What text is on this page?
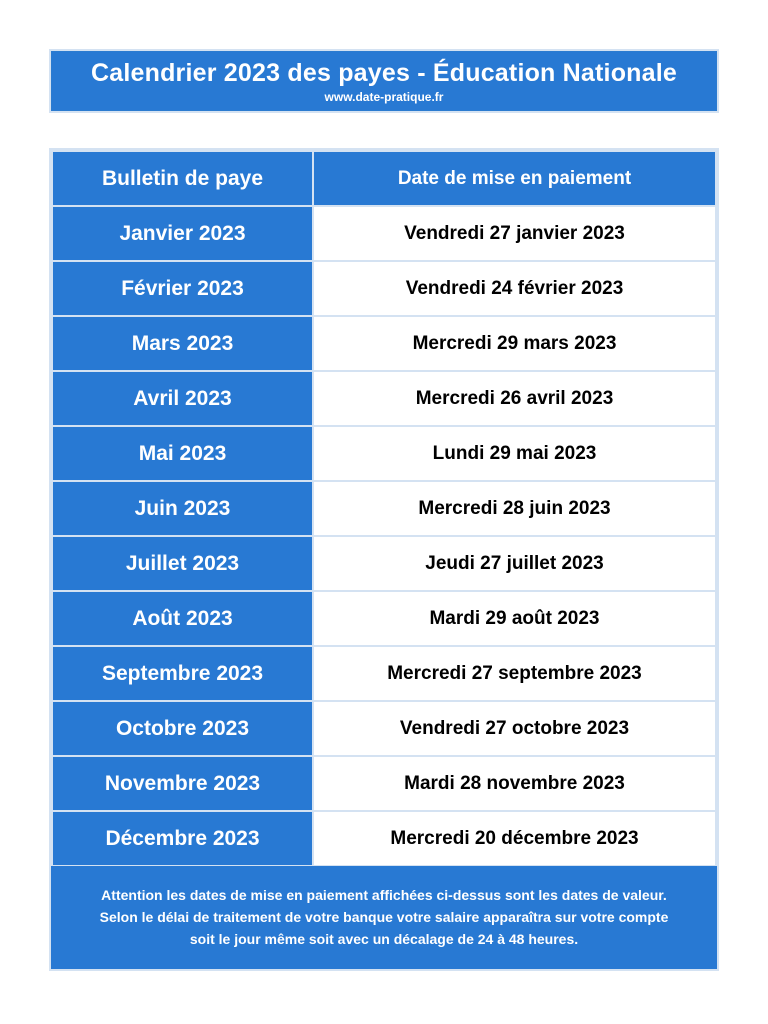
Calendrier 2023 des payes - Éducation Nationale
www.date-pratique.fr
Bulletin de paye	Date de mise en paiement
Janvier 2023	Vendredi 27 janvier 2023
Février 2023	Vendredi 24 février 2023
Mars 2023	Mercredi 29 mars 2023
Avril 2023	Mercredi 26 avril 2023
Mai 2023	Lundi 29 mai 2023
Juin 2023	Mercredi 28 juin 2023
Juillet 2023	Jeudi 27 juillet 2023
Août 2023	Mardi 29 août 2023
Septembre 2023	Mercredi 27 septembre 2023
Octobre 2023	Vendredi 27 octobre 2023
Novembre 2023	Mardi 28 novembre 2023
Décembre 2023	Mercredi 20 décembre 2023
Attention les dates de mise en paiement affichées ci-dessus sont les dates de valeur.
Selon le délai de traitement de votre banque votre salaire apparaîtra sur votre compte
soit le jour même soit avec un décalage de 24 à 48 heures.
